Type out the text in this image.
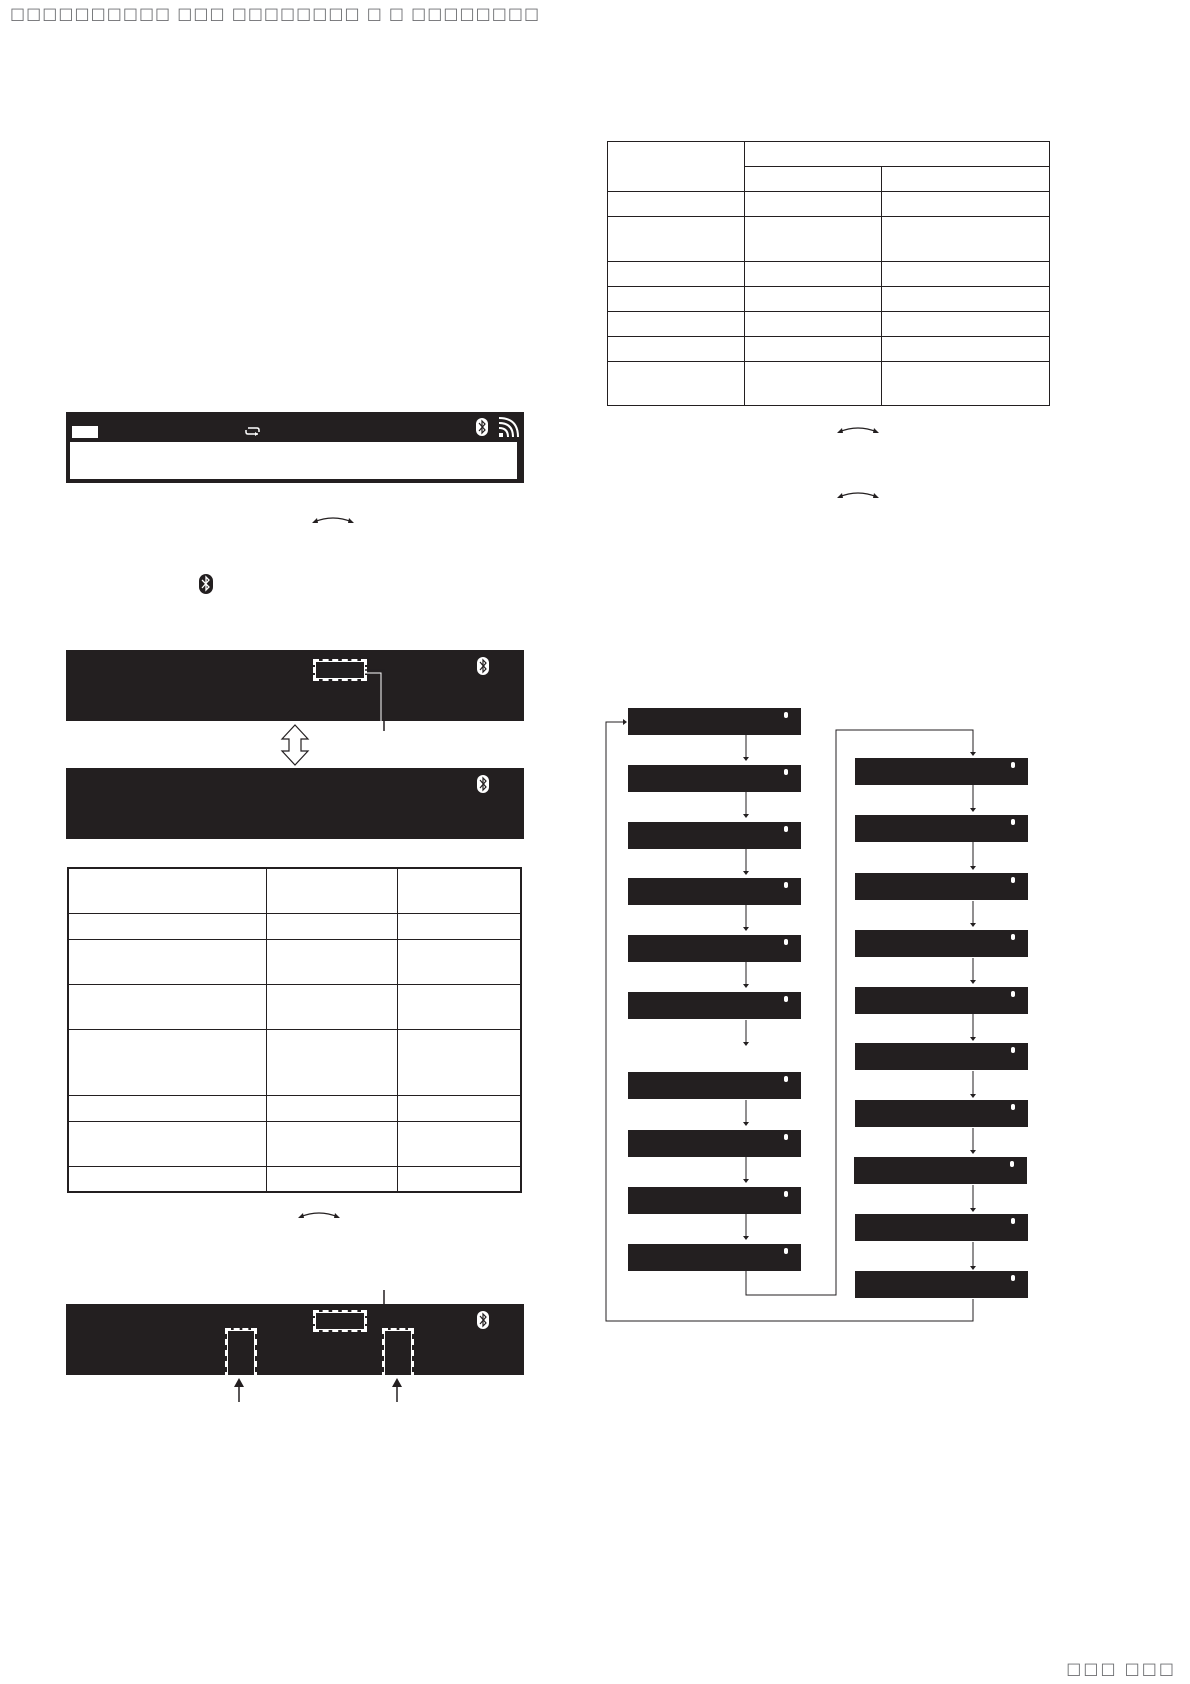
□□□□□□□□□□ □□□ □□□□□□□□ □ □ □□□□□□□□

□□□ □□□
